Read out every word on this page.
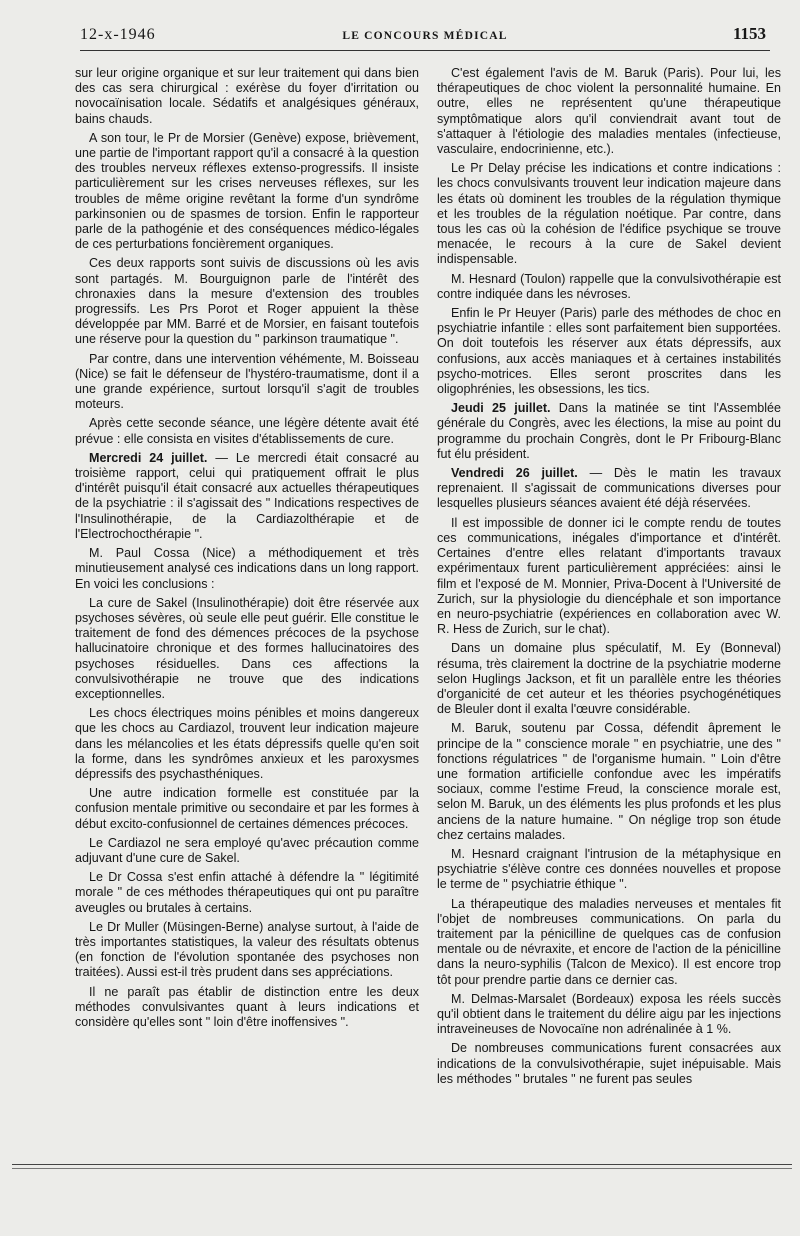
12-x-1946	LE CONCOURS MÉDICAL	1153

sur leur origine organique et sur leur traitement qui dans bien des cas sera chirurgical : exérèse du foyer d'irritation ou novocaïnisation locale. Sédatifs et analgésiques généraux, bains chauds.

A son tour, le Pr de Morsier (Genève) expose, brièvement, une partie de l'important rapport qu'il a consacré à la question des troubles nerveux réflexes extenso-progressifs. Il insiste particulièrement sur les crises nerveuses réflexes, sur les troubles de même origine revêtant la forme d'un syndrôme parkinsonien ou de spasmes de torsion. Enfin le rapporteur parle de la pathogénie et des conséquences médico-légales de ces perturbations foncièrement organiques.

Ces deux rapports sont suivis de discussions où les avis sont partagés. M. Bourguignon parle de l'intérêt des chronaxies dans la mesure d'extension des troubles progressifs. Les Prs Porot et Roger appuient la thèse développée par MM. Barré et de Morsier, en faisant toutefois une réserve pour la question du " parkinson traumatique ".

Par contre, dans une intervention véhémente, M. Boisseau (Nice) se fait le défenseur de l'hystéro-traumatisme, dont il a une grande expérience, surtout lorsqu'il s'agit de troubles moteurs.

Après cette seconde séance, une légère détente avait été prévue : elle consista en visites d'établissements de cure.

Mercredi 24 juillet. — Le mercredi était consacré au troisième rapport, celui qui pratiquement offrait le plus d'intérêt puisqu'il était consacré aux actuelles thérapeutiques de la psychiatrie : il s'agissait des " Indications respectives de l'Insulinothérapie, de la Cardiazolthérapie et de l'Electrochocthérapie ".

M. Paul Cossa (Nice) a méthodiquement et très minutieusement analysé ces indications dans un long rapport. En voici les conclusions :

La cure de Sakel (Insulinothérapie) doit être réservée aux psychoses sévères, où seule elle peut guérir. Elle constitue le traitement de fond des démences précoces de la psychose hallucinatoire chronique et des formes hallucinatoires des psychoses résiduelles. Dans ces affections la convulsivothérapie ne trouve que des indications exceptionnelles.

Les chocs électriques moins pénibles et moins dangereux que les chocs au Cardiazol, trouvent leur indication majeure dans les mélancolies et les états dépressifs quelle qu'en soit la forme, dans les syndrômes anxieux et les paroxysmes dépressifs des psychasthéniques.

Une autre indication formelle est constituée par la confusion mentale primitive ou secondaire et par les formes à début excito-confusionnel de certaines démences précoces.

Le Cardiazol ne sera employé qu'avec précaution comme adjuvant d'une cure de Sakel.

Le Dr Cossa s'est enfin attaché à défendre la " légitimité morale " de ces méthodes thérapeutiques qui ont pu paraître aveugles ou brutales à certains.

Le Dr Muller (Müsingen-Berne) analyse surtout, à l'aide de très importantes statistiques, la valeur des résultats obtenus (en fonction de l'évolution spontanée des psychoses non traitées). Aussi est-il très prudent dans ses appréciations.

Il ne paraît pas établir de distinction entre les deux méthodes convulsivantes quant à leurs indications et considère qu'elles sont " loin d'être inoffensives ".

C'est également l'avis de M. Baruk (Paris). Pour lui, les thérapeutiques de choc violent la personnalité humaine. En outre, elles ne représentent qu'une thérapeutique symptômatique alors qu'il conviendrait avant tout de s'attaquer à l'étiologie des maladies mentales (infectieuse, vasculaire, endocrinienne, etc.).

Le Pr Delay précise les indications et contre indications : les chocs convulsivants trouvent leur indication majeure dans les états où dominent les troubles de la régulation thymique et les troubles de la régulation noétique. Par contre, dans tous les cas où la cohésion de l'édifice psychique se trouve menacée, le recours à la cure de Sakel devient indispensable.

M. Hesnard (Toulon) rappelle que la convulsivothérapie est contre indiquée dans les névroses.

Enfin le Pr Heuyer (Paris) parle des méthodes de choc en psychiatrie infantile : elles sont parfaitement bien supportées. On doit toutefois les réserver aux états dépressifs, aux confusions, aux accès maniaques et à certaines instabilités psycho-motrices. Elles seront proscrites dans les oligophrénies, les obsessions, les tics.

Jeudi 25 juillet. Dans la matinée se tint l'Assemblée générale du Congrès, avec les élections, la mise au point du programme du prochain Congrès, dont le Pr Fribourg-Blanc fut élu président.

Vendredi 26 juillet. — Dès le matin les travaux reprenaient. Il s'agissait de communications diverses pour lesquelles plusieurs séances avaient été déjà réservées.

Il est impossible de donner ici le compte rendu de toutes ces communications, inégales d'importance et d'intérêt. Certaines d'entre elles relatant d'importants travaux expérimentaux furent particulièrement appréciées: ainsi le film et l'exposé de M. Monnier, Priva-Docent à l'Université de Zurich, sur la physiologie du diencéphale et son importance en neuro-psychiatrie (expériences en collaboration avec W. R. Hess de Zurich, sur le chat).

Dans un domaine plus spéculatif, M. Ey (Bonneval) résuma, très clairement la doctrine de la psychiatrie moderne selon Huglings Jackson, et fit un parallèle entre les théories d'organicité de cet auteur et les théories psychogénétiques de Bleuler dont il exalta l'œuvre considérable.

M. Baruk, soutenu par Cossa, défendit âprement le principe de la " conscience morale " en psychiatrie, une des " fonctions régulatrices " de l'organisme humain. " Loin d'être une formation artificielle confondue avec les impératifs sociaux, comme l'estime Freud, la conscience morale est, selon M. Baruk, un des éléments les plus profonds et les plus anciens de la nature humaine. " On néglige trop son étude chez certains malades.

M. Hesnard craignant l'intrusion de la métaphysique en psychiatrie s'élève contre ces données nouvelles et propose le terme de " psychiatrie éthique ".

La thérapeutique des maladies nerveuses et mentales fit l'objet de nombreuses communications. On parla du traitement par la pénicilline de quelques cas de confusion mentale ou de névraxite, et encore de l'action de la pénicilline dans la neuro-syphilis (Talcon de Mexico). Il est encore trop tôt pour prendre partie dans ce dernier cas.

M. Delmas-Marsalet (Bordeaux) exposa les réels succès qu'il obtient dans le traitement du délire aigu par les injections intraveineuses de Novocaïne non adrénalinée à 1 %.

De nombreuses communications furent consacrées aux indications de la convulsivothérapie, sujet inépuisable. Mais les méthodes " brutales " ne furent pas seules
